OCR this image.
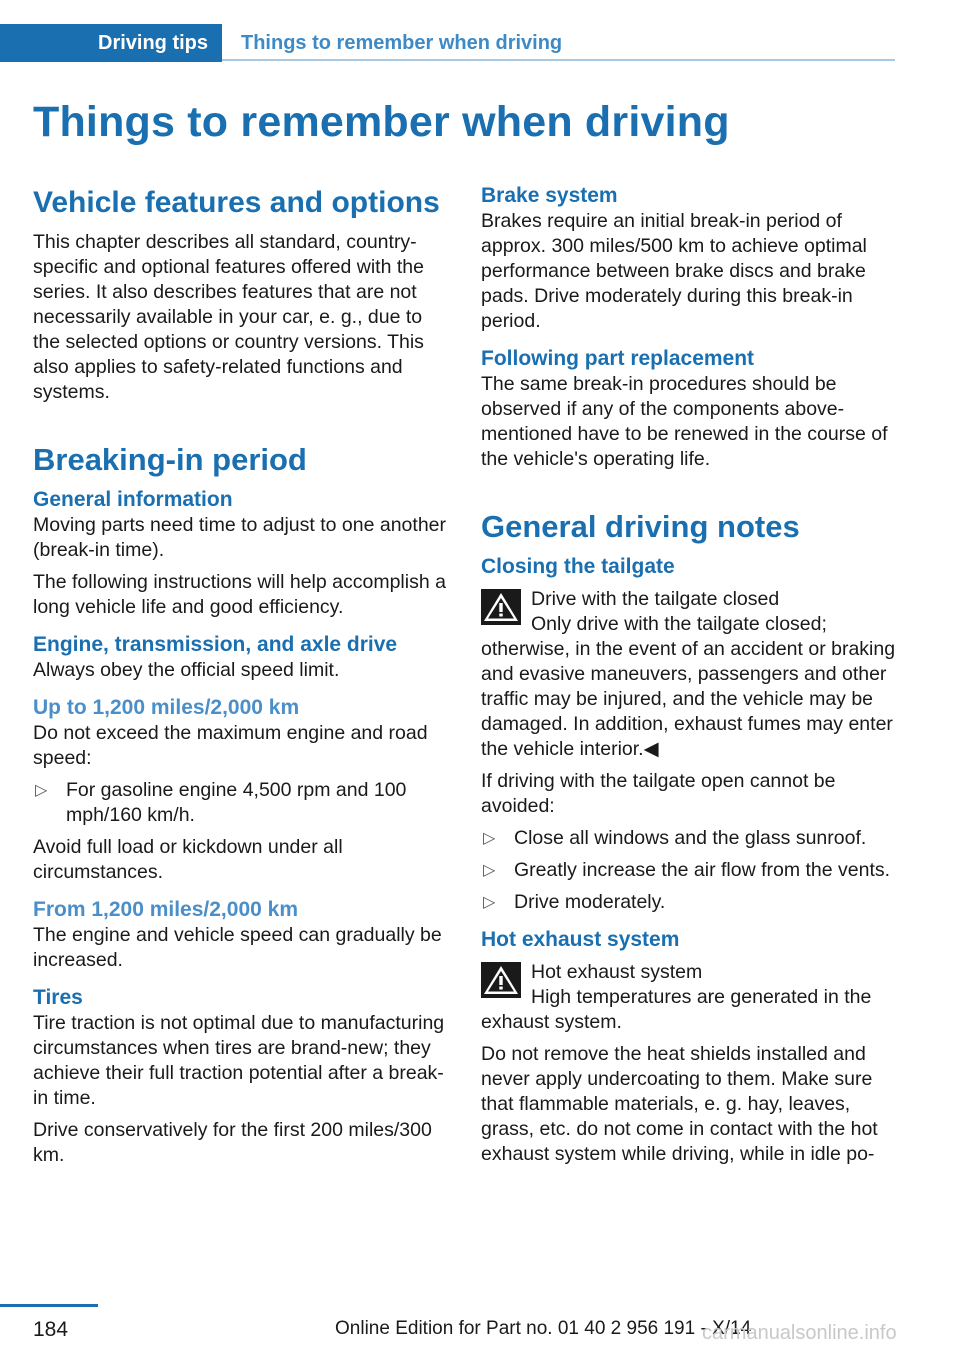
Driving tips	Things to remember when driving
Things to remember when driving
Vehicle features and options

This chapter describes all standard, country-specific and optional features offered with the series. It also describes features that are not necessarily available in your car, e. g., due to the selected options or country versions. This also applies to safety-related functions and systems.

Breaking-in period
General information

Moving parts need time to adjust to one another (break-in time).

The following instructions will help accomplish a long vehicle life and good efficiency.

Engine, transmission, and axle drive

Always obey the official speed limit.

Up to 1,200 miles/2,000 km

Do not exceed the maximum engine and road speed:

▷ For gasoline engine 4,500 rpm and 100 mph/160 km/h.

Avoid full load or kickdown under all circumstances.

From 1,200 miles/2,000 km

The engine and vehicle speed can gradually be increased.

Tires

Tire traction is not optimal due to manufacturing circumstances when tires are brand-new; they achieve their full traction potential after a break-in time.

Drive conservatively for the first 200 miles/300 km.

Brake system

Brakes require an initial break-in period of approx. 300 miles/500 km to achieve optimal performance between brake discs and brake pads. Drive moderately during this break-in period.

Following part replacement

The same break-in procedures should be observed if any of the components above-mentioned have to be renewed in the course of the vehicle's operating life.

General driving notes
Closing the tailgate
Drive with the tailgate closed

Only drive with the tailgate closed; otherwise, in the event of an accident or braking and evasive maneuvers, passengers and other traffic may be injured, and the vehicle may be damaged. In addition, exhaust fumes may enter the vehicle interior.◀

If driving with the tailgate open cannot be avoided:

▷ Close all windows and the glass sunroof.
▷ Greatly increase the air flow from the vents.
▷ Drive moderately.
Hot exhaust system
Hot exhaust system

High temperatures are generated in the exhaust system.

Do not remove the heat shields installed and never apply undercoating to them. Make sure that flammable materials, e. g. hay, leaves, grass, etc. do not come in contact with the hot exhaust system while driving, while in idle po-

184	Online Edition for Part no. 01 40 2 956 191 - X/14
carmanualsonline.info
